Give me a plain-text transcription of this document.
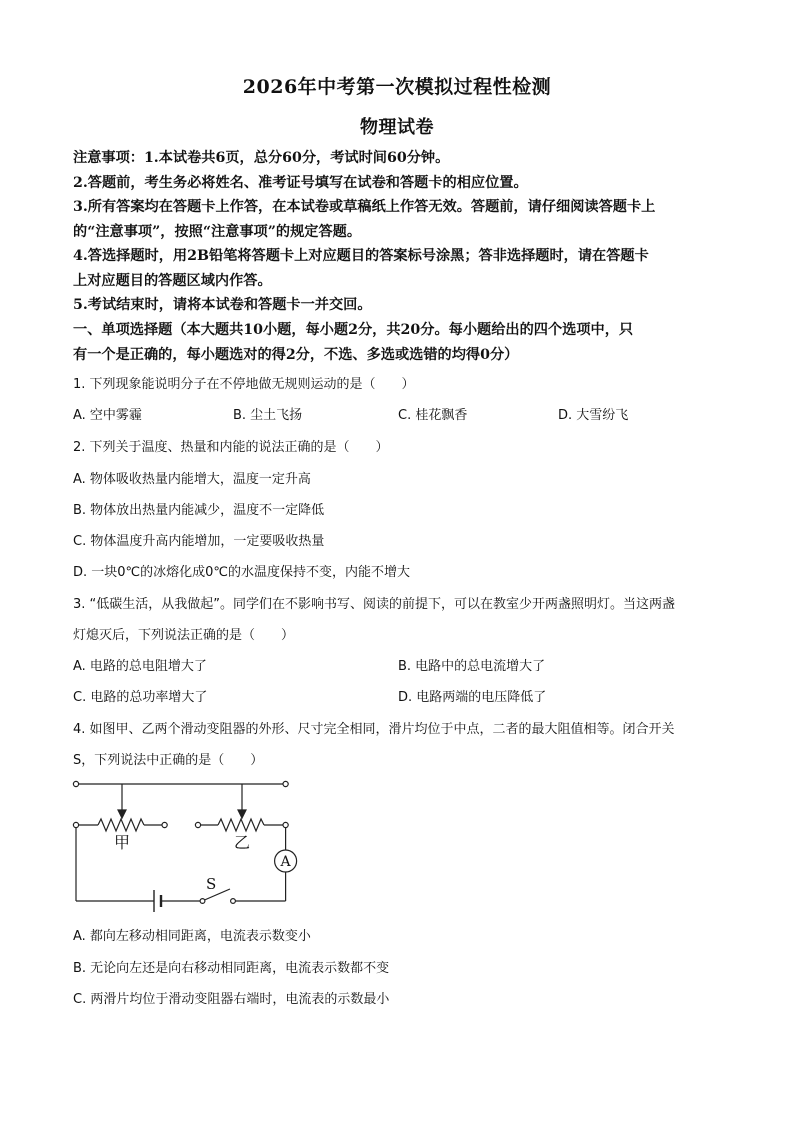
2026年中考第一次模拟过程性检测
物理试卷
注意事项：1.本试卷共6页，总分60分，考试时间60分钟。
2.答题前，考生务必将姓名、准考证号填写在试卷和答题卡的相应位置。
3.所有答案均在答题卡上作答，在本试卷或草稿纸上作答无效。答题前，请仔细阅读答题卡上
的“注意事项”，按照“注意事项”的规定答题。
4.答选择题时，用2B铅笔将答题卡上对应题目的答案标号涂黑；答非选择题时，请在答题卡
上对应题目的答题区域内作答。
5.考试结束时，请将本试卷和答题卡一并交回。
一、单项选择题（本大题共10小题，每小题2分，共20分。每小题给出的四个选项中，只
有一个是正确的，每小题选对的得2分，不选、多选或选错的均得0分）
1. 下列现象能说明分子在不停地做无规则运动的是（　　）
A. 空中雾霾	B. 尘土飞扬	C. 桂花飘香	D. 大雪纷飞
2. 下列关于温度、热量和内能的说法正确的是（　　）
A. 物体吸收热量内能增大，温度一定升高
B. 物体放出热量内能减少，温度不一定降低
C. 物体温度升高内能增加，一定要吸收热量
D. 一块0℃的冰熔化成0℃的水温度保持不变，内能不增大
3. “低碳生活，从我做起”。同学们在不影响书写、阅读的前提下，可以在教室少开两盏照明灯。当这两盏
灯熄灭后，下列说法正确的是（　　）
A. 电路的总电阻增大了	B. 电路中的总电流增大了
C. 电路的总功率增大了	D. 电路两端的电压降低了
4. 如图甲、乙两个滑动变阻器的外形、尺寸完全相同，滑片均位于中点，二者的最大阻值相等。闭合开关
S，下列说法中正确的是（　　）
甲	乙
A
S
A. 都向左移动相同距离，电流表示数变小
B. 无论向左还是向右移动相同距离，电流表示数都不变
C. 两滑片均位于滑动变阻器右端时，电流表的示数最小
